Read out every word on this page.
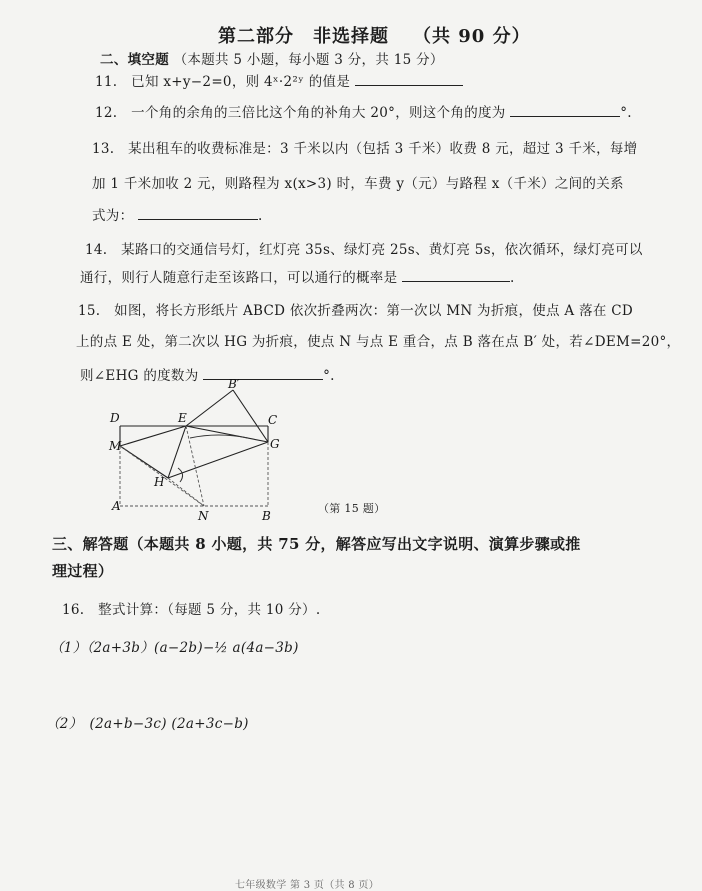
第二部分　非选择题 （共 90 分）
二、填空题 （本题共 5 小题，每小题 3 分，共 15 分）
11.　已知 x+y−2=0，则 4ˣ·2²ʸ 的值是
12.　一个角的余角的三倍比这个角的补角大 20°，则这个角的度为	°.
13.　某出租车的收费标准是：3 千米以内（包括 3 千米）收费 8 元，超过 3 千米，每增
加 1 千米加收 2 元，则路程为 x(x>3) 时，车费 y（元）与路程 x（千米）之间的关系
式为：	.
14.　某路口的交通信号灯，红灯亮 35s、绿灯亮 25s、黄灯亮 5s，依次循环，绿灯亮可以
通行，则行人随意行走至该路口，可以通行的概率是	.
15.　如图，将长方形纸片 ABCD 依次折叠两次：第一次以 MN 为折痕，使点 A 落在 CD
上的点 E 处，第二次以 HG 为折痕，使点 N 与点 E 重合，点 B 落在点 B′ 处，若∠DEM=20°，
则∠EHG 的度数为	°.
D
M
E	C
G
H
B′
A
N	B
（第 15 题）
三、解答题（本题共 8 小题，共 75 分，解答应写出文字说明、演算步骤或推
理过程）
16.　整式计算：（每题 5 分，共 10 分）.
（1）（2a+3b）(a−2b)−½ a(4a−3b)
（2）　(2a+b−3c) (2a+3c−b)
七年级数学 第 3 页（共 8 页）
